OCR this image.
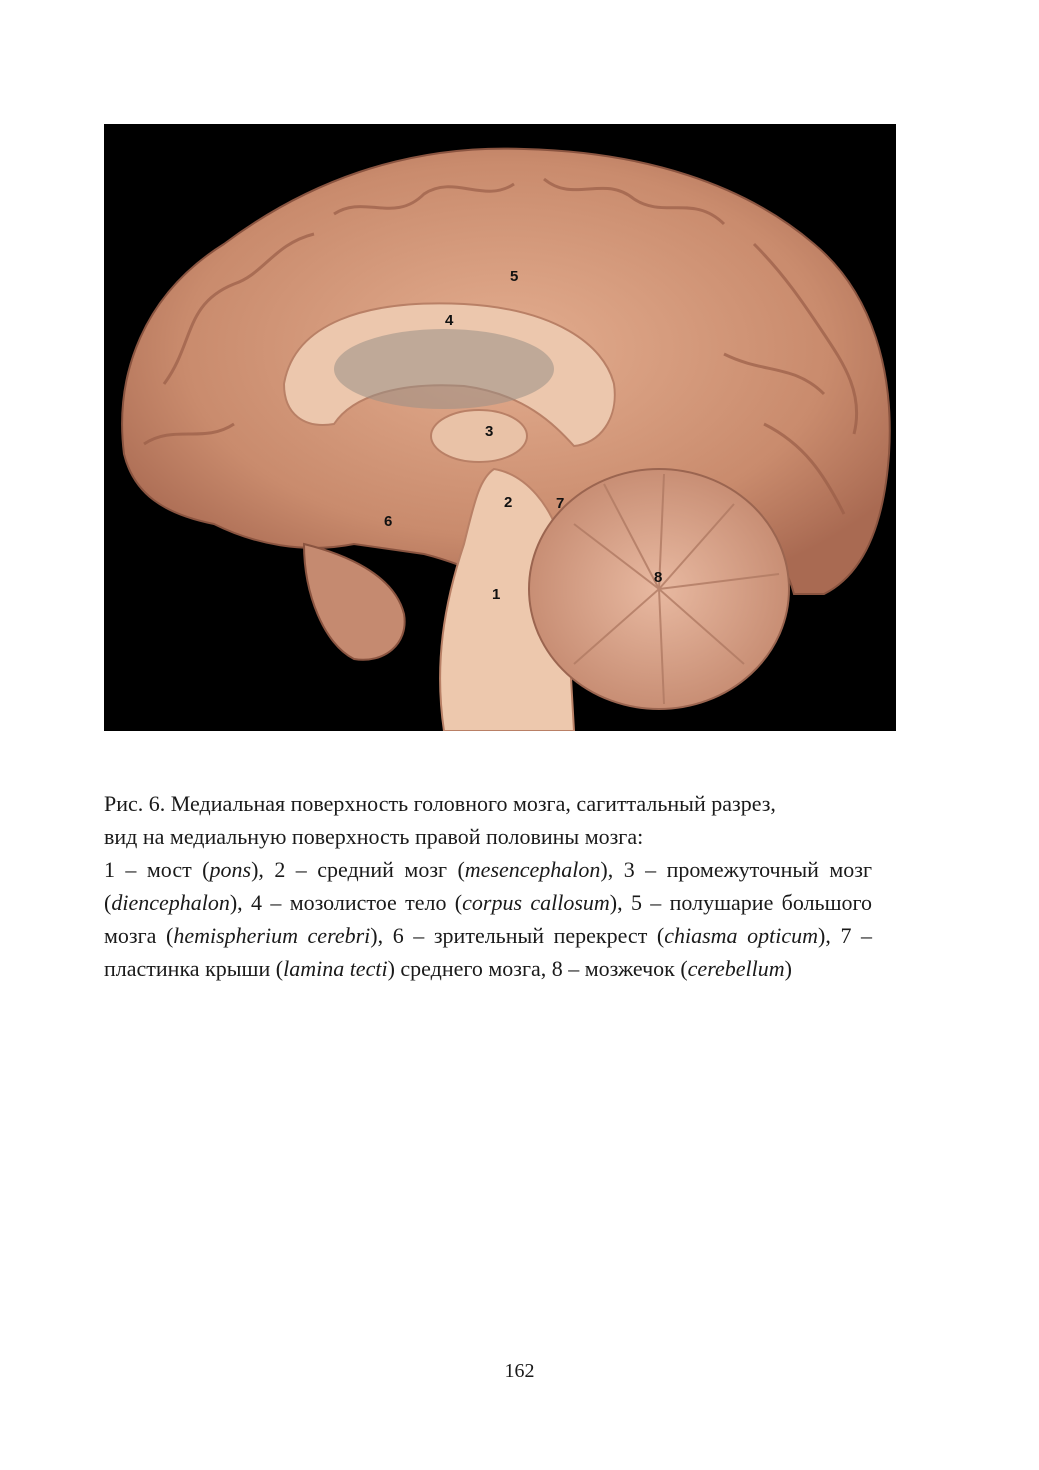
1
2
3
4
5
6
7
8

Рис. 6. Медиальная поверхность головного мозга, сагиттальный разрез,

вид на медиальную поверхность правой половины мозга:

1 – мост (pons), 2 – средний мозг (mesencephalon), 3 – промежуточный мозг (diencephalon), 4 – мозолистое тело (corpus callosum), 5 – полушарие большого мозга (hemispherium cerebri), 6 – зрительный перекрест (chiasma opticum), 7 – пластинка крыши (lamina tecti) среднего мозга, 8 – мозжечок (cerebellum)

162
